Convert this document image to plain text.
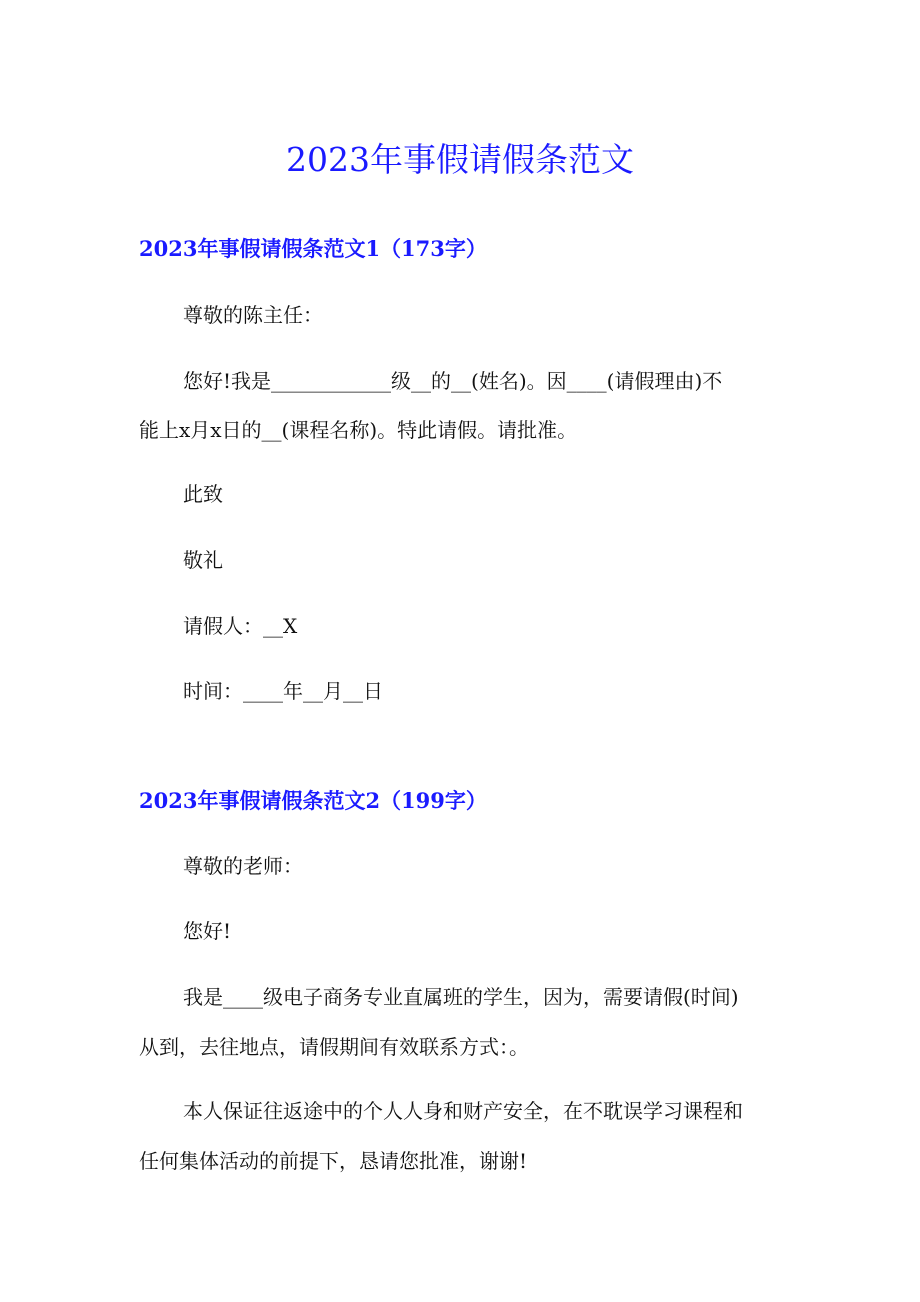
2023年事假请假条范文
2023年事假请假条范文1（173字）

尊敬的陈主任：

您好!我是____________级__的__(姓名)。因____(请假理由)不

能上x月x日的__(课程名称)。特此请假。请批准。

此致

敬礼

请假人：__X

时间：____年__月__日

2023年事假请假条范文2（199字）

尊敬的老师：

您好!

我是____级电子商务专业直属班的学生，因为，需要请假(时间)

从到，去往地点，请假期间有效联系方式：。

本人保证往返途中的个人人身和财产安全，在不耽误学习课程和

任何集体活动的前提下，恳请您批准，谢谢!
